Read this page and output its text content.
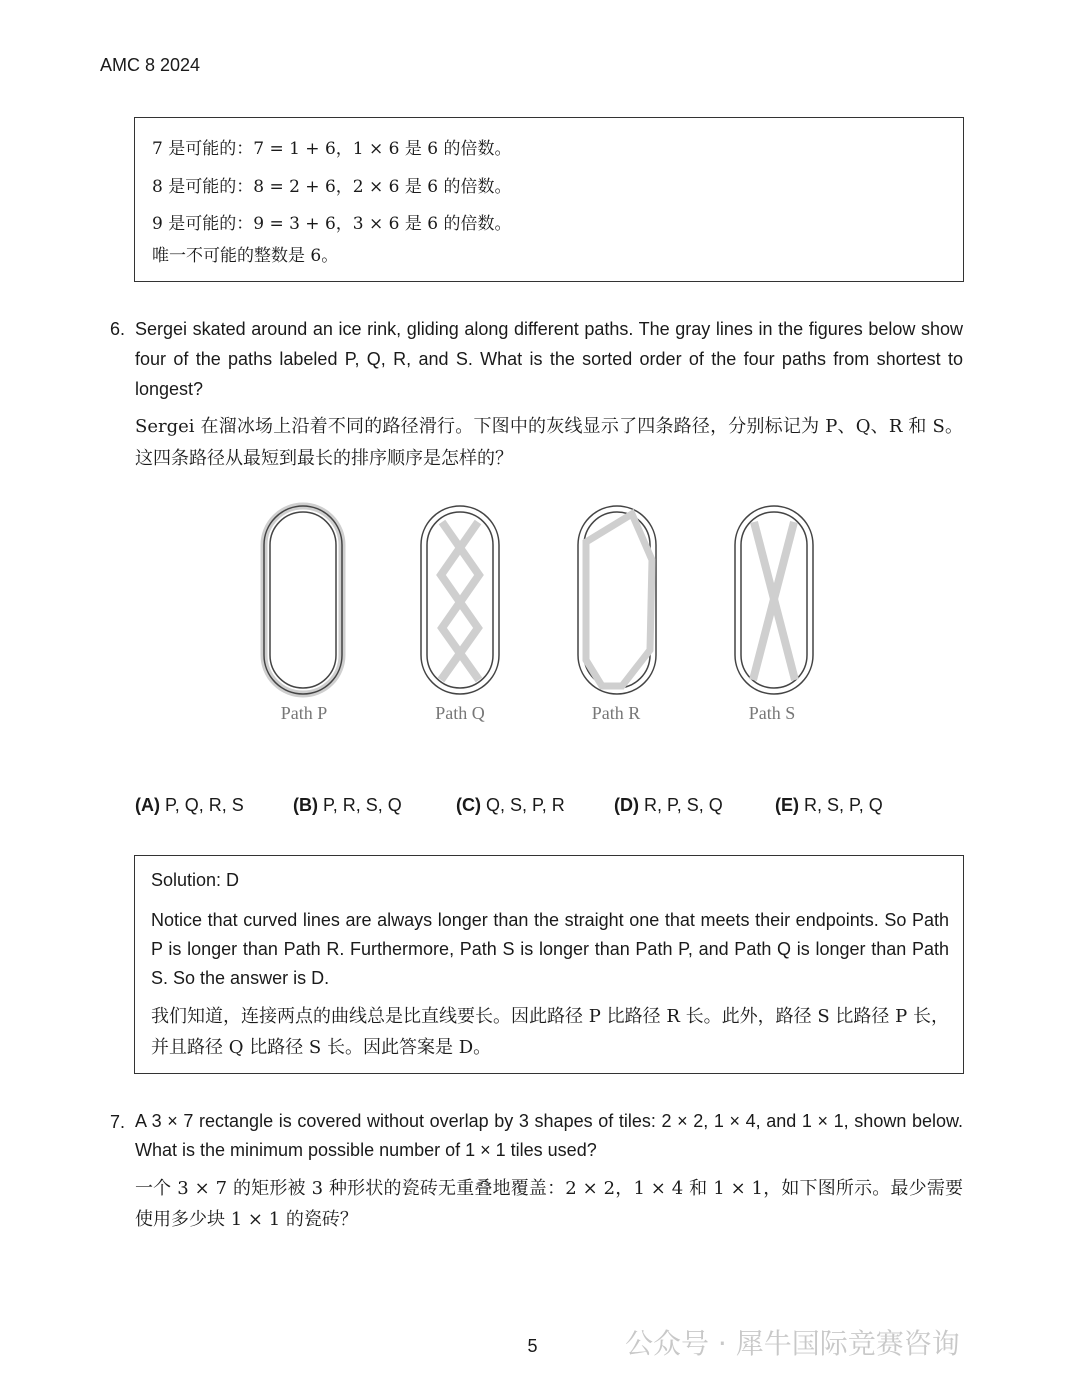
AMC 8 2024
7 是可能的：7 = 1 + 6，1 × 6 是 6 的倍数。
8 是可能的：8 = 2 + 6，2 × 6 是 6 的倍数。
9 是可能的：9 = 3 + 6，3 × 6 是 6 的倍数。
唯一不可能的整数是 6。
6. Sergei skated around an ice rink, gliding along different paths. The gray lines in the figures below show four of the paths labeled P, Q, R, and S. What is the sorted order of the four paths from shortest to longest?
Sergei 在溜冰场上沿着不同的路径滑行。下图中的灰线显示了四条路径，分别标记为 P、Q、R 和 S。这四条路径从最短到最长的排序顺序是怎样的？
Path P	Path Q	Path R	Path S
(A) P, Q, R, S	(B) P, R, S, Q	(C) Q, S, P, R	(D) R, P, S, Q	(E) R, S, P, Q
Solution: D
Notice that curved lines are always longer than the straight one that meets their endpoints. So Path P is longer than Path R. Furthermore, Path S is longer than Path P, and Path Q is longer than Path S. So the answer is D.
我们知道，连接两点的曲线总是比直线要长。因此路径 P 比路径 R 长。此外，路径 S 比路径 P 长，并且路径 Q 比路径 S 长。因此答案是 D。
7. A 3 × 7 rectangle is covered without overlap by 3 shapes of tiles: 2 × 2, 1 × 4, and 1 × 1, shown below. What is the minimum possible number of 1 × 1 tiles used?
一个 3 × 7 的矩形被 3 种形状的瓷砖无重叠地覆盖：2 × 2，1 × 4 和 1 × 1，如下图所示。最少需要使用多少块 1 × 1 的瓷砖？
5	公众号 · 犀牛国际竞赛咨询
